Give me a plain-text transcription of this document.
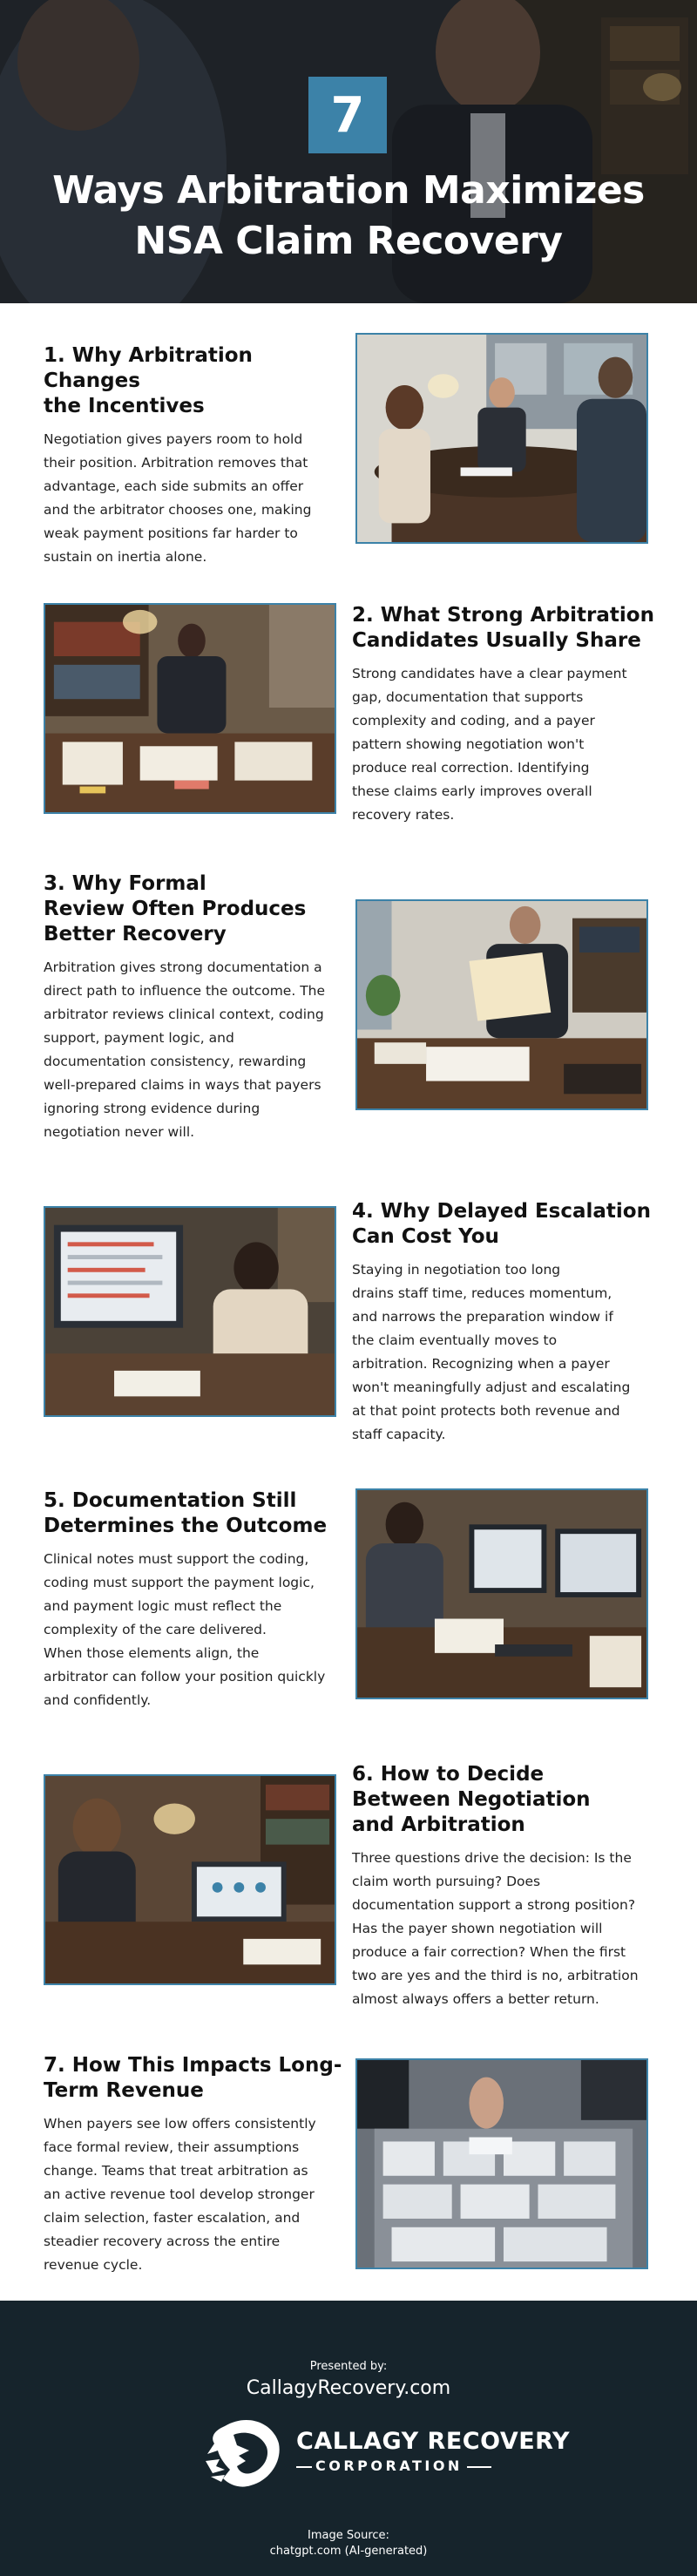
7
Ways Arbitration Maximizes
NSA Claim Recovery
1. Why Arbitration Changes
the Incentives
Negotiation gives payers room to hold
their position. Arbitration removes that
advantage, each side submits an offer
and the arbitrator chooses one, making
weak payment positions far harder to
sustain on inertia alone.
2. What Strong Arbitration
Candidates Usually Share
Strong candidates have a clear payment
gap, documentation that supports
complexity and coding, and a payer
pattern showing negotiation won't
produce real correction. Identifying
these claims early improves overall
recovery rates.
3. Why Formal
Review Often Produces
Better Recovery
Arbitration gives strong documentation a
direct path to influence the outcome. The
arbitrator reviews clinical context, coding
support, payment logic, and
documentation consistency, rewarding
well-prepared claims in ways that payers
ignoring strong evidence during
negotiation never will.
4. Why Delayed Escalation
Can Cost You
Staying in negotiation too long
drains staff time, reduces momentum,
and narrows the preparation window if
the claim eventually moves to
arbitration. Recognizing when a payer
won't meaningfully adjust and escalating
at that point protects both revenue and
staff capacity.
5. Documentation Still
Determines the Outcome
Clinical notes must support the coding,
coding must support the payment logic,
and payment logic must reflect the
complexity of the care delivered.
When those elements align, the
arbitrator can follow your position quickly
and confidently.
6. How to Decide
Between Negotiation
and Arbitration
Three questions drive the decision: Is the
claim worth pursuing? Does
documentation support a strong position?
Has the payer shown negotiation will
produce a fair correction? When the first
two are yes and the third is no, arbitration
almost always offers a better return.
7. How This Impacts Long-
Term Revenue
When payers see low offers consistently
face formal review, their assumptions
change. Teams that treat arbitration as
an active revenue tool develop stronger
claim selection, faster escalation, and
steadier recovery across the entire
revenue cycle.
Presented by:
CallagyRecovery.com
CALLAGY RECOVERY
CORPORATION
Image Source:
chatgpt.com (AI-generated)
